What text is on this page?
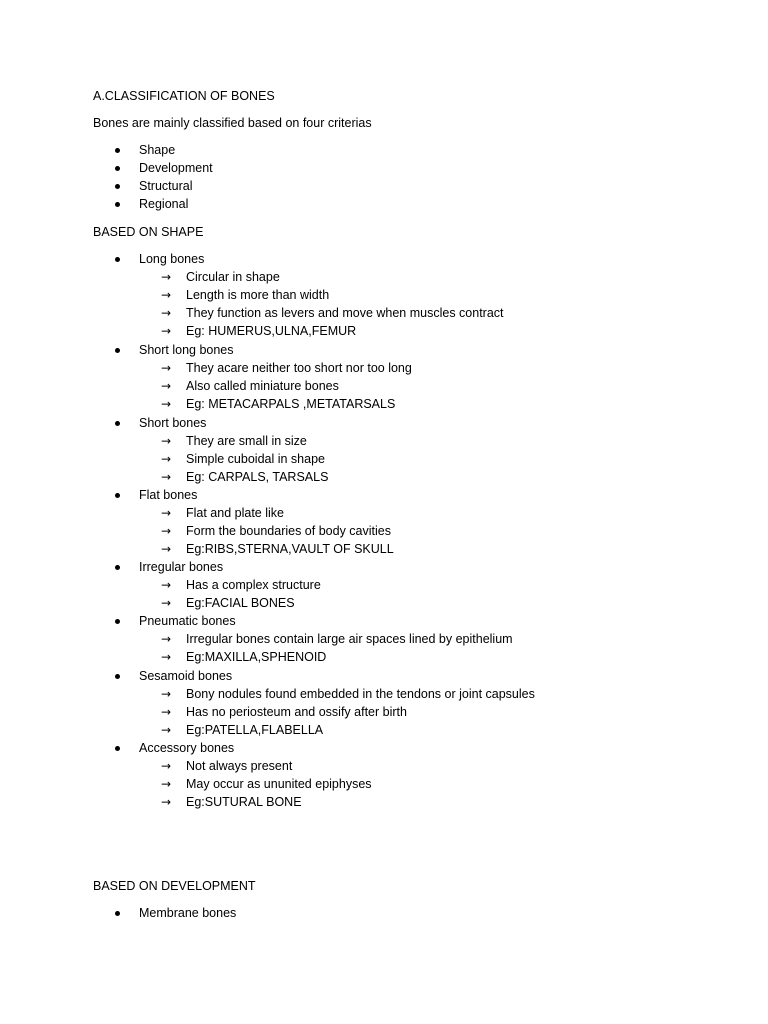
A.CLASSIFICATION OF BONES
Bones are mainly classified based on four criterias
Shape
Development
Structural
Regional
BASED ON SHAPE
Long bones
→ Circular in shape
→ Length is more than width
→ They function as levers and move when muscles contract
→ Eg: HUMERUS,ULNA,FEMUR
Short long bones
→ They acare neither too short nor too long
→ Also called miniature bones
→ Eg: METACARPALS ,METATARSALS
Short bones
→ They are small in size
→ Simple cuboidal in shape
→ Eg: CARPALS, TARSALS
Flat bones
→ Flat and plate like
→ Form the boundaries of body cavities
→ Eg:RIBS,STERNA,VAULT OF SKULL
Irregular bones
→ Has a complex structure
→ Eg:FACIAL BONES
Pneumatic bones
→ Irregular bones contain large air spaces lined by epithelium
→ Eg:MAXILLA,SPHENOID
Sesamoid bones
→ Bony nodules found embedded in the tendons or joint capsules
→ Has no periosteum and ossify after birth
→ Eg:PATELLA,FLABELLA
Accessory bones
→ Not always present
→ May occur as ununited epiphyses
→ Eg:SUTURAL BONE
BASED ON DEVELOPMENT
Membrane bones
